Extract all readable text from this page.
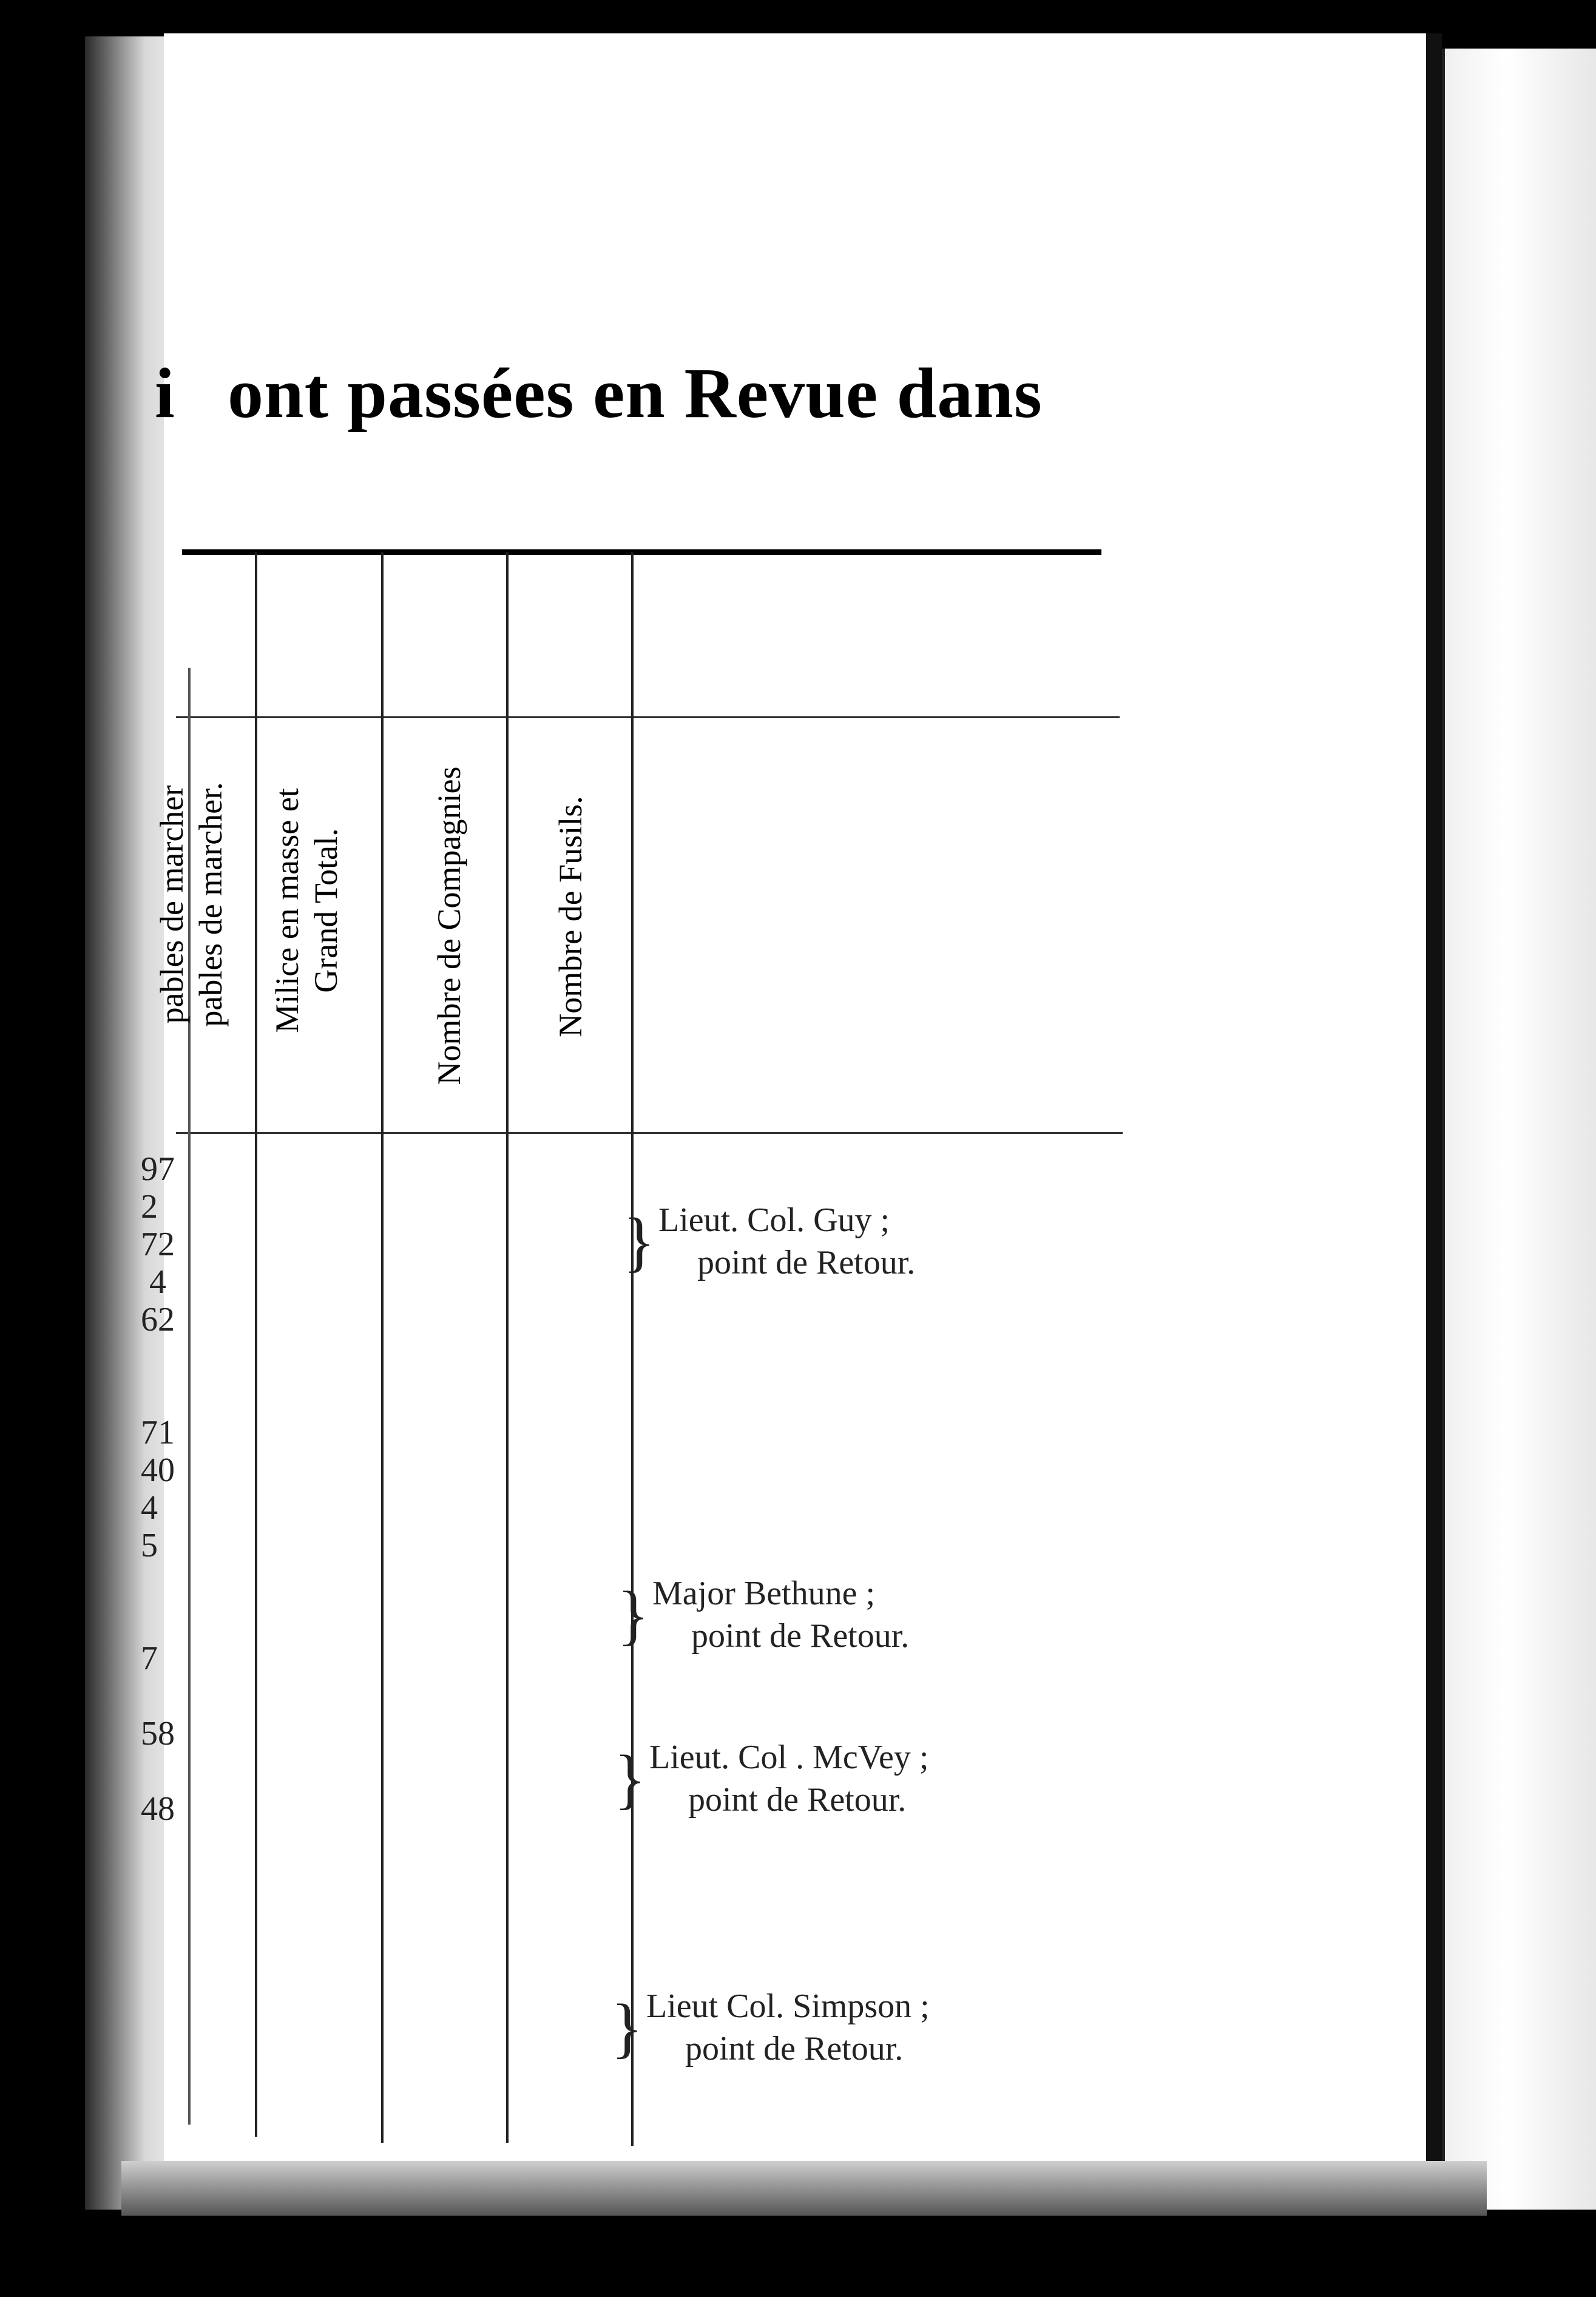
i ont passées en Revue dans
pables de marcher pables de marcher. Milice en masse et Grand Total.	Nombre de Compagnies	Nombre de Fusils.
97
2
72
4
62

71
40
4
5

7

58

48
} Lieut. Col. Guy ;
point de Retour.
} Major Bethune ;
point de Retour.
} Lieut. Col . McVey ;
point de Retour.
} Lieut Col. Simpson ;
point de Retour.
